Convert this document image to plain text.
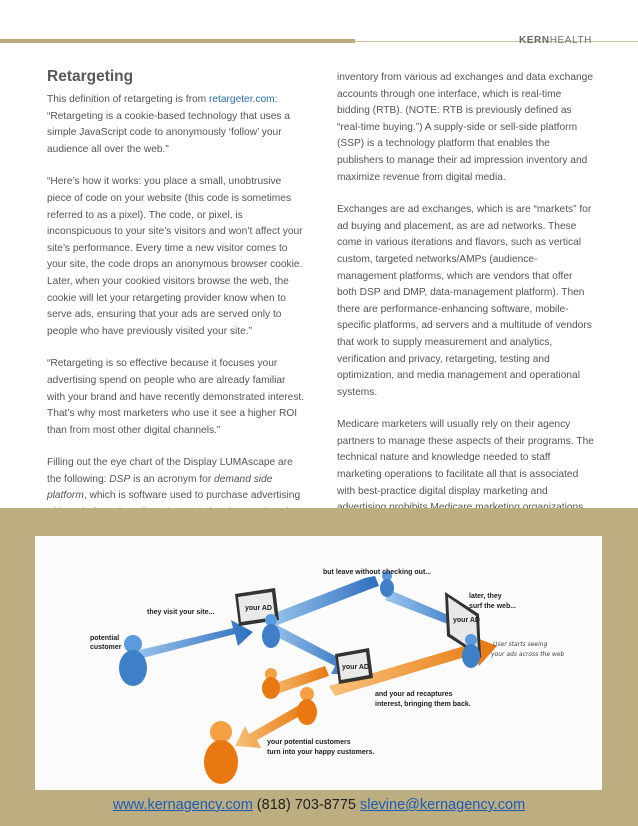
KERNHEALTH
Retargeting

This definition of retargeting is from retargeter.com: “Retargeting is a cookie-based technology that uses a simple JavaScript code to anonymously ‘follow’ your audience all over the web.”

“Here’s how it works: you place a small, unobtrusive piece of code on your website (this code is sometimes referred to as a pixel). The code, or pixel, is inconspicuous to your site’s visitors and won’t affect your site’s performance. Every time a new visitor comes to your site, the code drops an anonymous browser cookie. Later, when your cookied visitors browse the web, the cookie will let your retargeting provider know when to serve ads, ensuring that your ads are served only to people who have previously visited your site.”

“Retargeting is so effective because it focuses your advertising spend on people who are already familiar with your brand and have recently demonstrated interest. That’s why most marketers who use it see a higher ROI than from most other digital channels.”

Filling out the eye chart of the Display LUMAscape are the following: DSP is an acronym for demand side platform, which is software used to purchase advertising

inventory from various ad exchanges and data exchange accounts through one interface, which is real-time bidding (RTB). (NOTE: RTB is previously defined as “real-time buying.”) A supply-side or sell-side platform (SSP) is a technology platform that enables the publishers to manage their ad impression inventory and maximize revenue from digital media.

Exchanges are ad exchanges, which is are “markets” for ad buying and placement, as are ad networks. These come in various iterations and flavors, such as vertical custom, targeted networks/AMPs (audience-management platforms, which are vendors that offer both DSP and DMP, data-management platform). Then there are performance-enhancing software, mobile-specific platforms, ad servers and a multitude of vendors that work to supply measurement and analytics, verification and privacy, retargeting, testing and optimization, and media management and operational systems.

Medicare marketers will usually rely on their agency partners to manage these aspects of their programs. The technical nature and knowledge needed to staff marketing operations to facilitate all that is associated with best-practice digital display marketing and

your AD
your AD
your AD
but leave without checking out...
they visit your site...
later, they
surf the web...
potential
customer	User starts seeing
your ads across the web
and your ad recaptures
interest, bringing them back.
your potential customers
turn into your happy customers.
www.kernagency.com (818) 703-8775 slevine@kernagency.com
